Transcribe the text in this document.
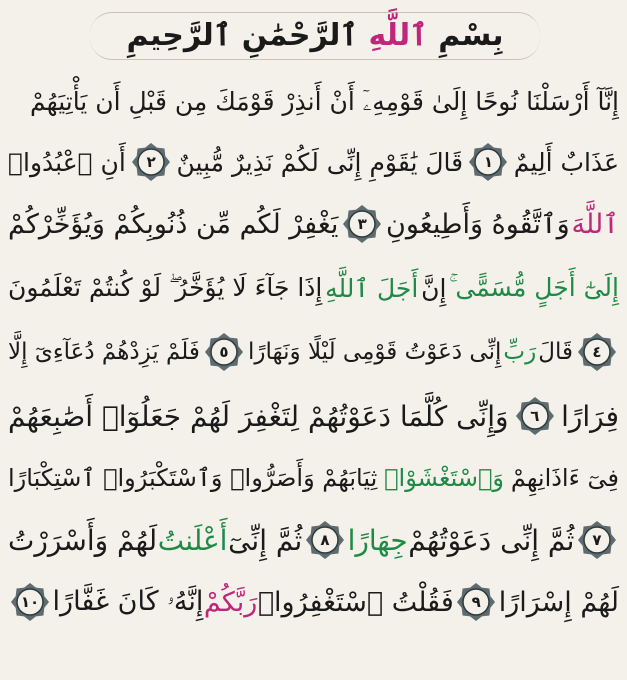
بِسْمِ ٱللَّهِ ٱلرَّحْمَٰنِ ٱلرَّحِيمِ
إِنَّآ أَرْسَلْنَا نُوحًا إِلَىٰ قَوْمِهِۦٓ أَنْ أَنذِرْ قَوْمَكَ مِن قَبْلِ أَن يَأْتِيَهُمْ
عَذَابٌ أَلِيمٌ
١
قَالَ يَٰقَوْمِ إِنِّى لَكُمْ نَذِيرٌ مُّبِينٌ
٢
أَنِ ٱعْبُدُوا۟
ٱللَّهَ
وَٱتَّقُوهُ وَأَطِيعُونِ
٣
يَغْفِرْ لَكُم مِّن ذُنُوبِكُمْ وَيُؤَخِّرْكُمْ
إِلَىٰٓ أَجَلٍ مُّسَمًّى ۚ
إِنَّ
أَجَلَ ٱللَّهِ
إِذَا جَآءَ لَا يُؤَخَّرُ ۖ لَوْ كُنتُمْ تَعْلَمُونَ
٤
قَالَ
رَبِّ
إِنِّى دَعَوْتُ قَوْمِى لَيْلًا وَنَهَارًا
٥
فَلَمْ يَزِدْهُمْ دُعَآءِىٓ إِلَّا
فِرَارًا
٦
وَإِنِّى كُلَّمَا دَعَوْتُهُمْ لِتَغْفِرَ لَهُمْ جَعَلُوٓا۟ أَصَٰبِعَهُمْ
فِىٓ ءَاذَانِهِمْ
وَٱسْتَغْشَوْا۟
ثِيَابَهُمْ وَأَصَرُّوا۟ وَٱسْتَكْبَرُوا۟ ٱسْتِكْبَارًا
٧
ثُمَّ إِنِّى دَعَوْتُهُمْ
جِهَارًا
٨
ثُمَّ إِنِّىٓ
أَعْلَنتُ
لَهُمْ وَأَسْرَرْتُ
لَهُمْ إِسْرَارًا
٩
فَقُلْتُ ٱسْتَغْفِرُوا۟
رَبَّكُمْ
إِنَّهُۥ كَانَ غَفَّارًا
١٠
